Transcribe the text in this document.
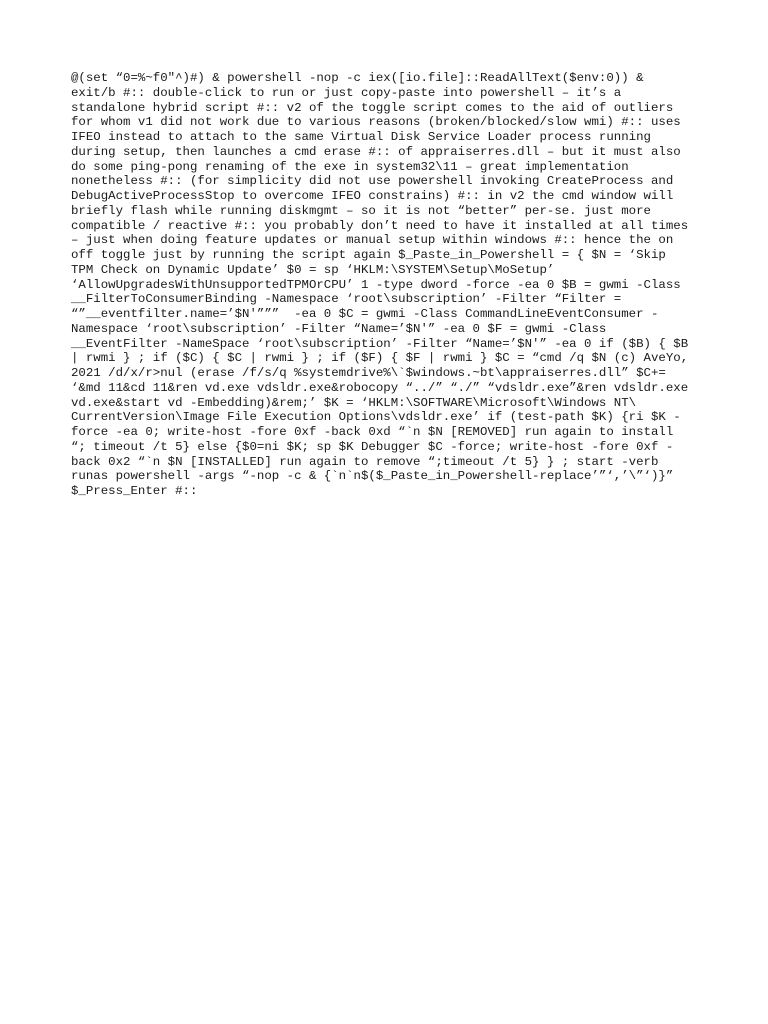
@(set “0=%~f0"^)#) & powershell -nop -c iex([io.file]::ReadAllText($env:0)) &
exit/b #:: double-click to run or just copy-paste into powershell – it’s a
standalone hybrid script #:: v2 of the toggle script comes to the aid of outliers
for whom v1 did not work due to various reasons (broken/blocked/slow wmi) #:: uses
IFEO instead to attach to the same Virtual Disk Service Loader process running
during setup, then launches a cmd erase #:: of appraiserres.dll – but it must also
do some ping-pong renaming of the exe in system32\11 – great implementation
nonetheless #:: (for simplicity did not use powershell invoking CreateProcess and
DebugActiveProcessStop to overcome IFEO constrains) #:: in v2 the cmd window will
briefly flash while running diskmgmt – so it is not “better” per-se. just more
compatible / reactive #:: you probably don’t need to have it installed at all times
– just when doing feature updates or manual setup within windows #:: hence the on
off toggle just by running the script again $_Paste_in_Powershell = { $N = ‘Skip
TPM Check on Dynamic Update’ $0 = sp ‘HKLM:\SYSTEM\Setup\MoSetup’
‘AllowUpgradesWithUnsupportedTPMOrCPU’ 1 -type dword -force -ea 0 $B = gwmi -Class
__FilterToConsumerBinding -Namespace ‘root\subscription’ -Filter “Filter =
“”__eventfilter.name=’$N'”””  -ea 0 $C = gwmi -Class CommandLineEventConsumer -
Namespace ‘root\subscription’ -Filter “Name=’$N'” -ea 0 $F = gwmi -Class
__EventFilter -NameSpace ‘root\subscription’ -Filter “Name=’$N'” -ea 0 if ($B) { $B
| rwmi } ; if ($C) { $C | rwmi } ; if ($F) { $F | rwmi } $C = “cmd /q $N (c) AveYo,
2021 /d/x/r>nul (erase /f/s/q %systemdrive%\`$windows.~bt\appraiserres.dll” $C+=
‘&md 11&cd 11&ren vd.exe vdsldr.exe&robocopy “../” “./” “vdsldr.exe”&ren vdsldr.exe
vd.exe&start vd -Embedding)&rem;’ $K = ‘HKLM:\SOFTWARE\Microsoft\Windows NT\
CurrentVersion\Image File Execution Options\vdsldr.exe’ if (test-path $K) {ri $K -
force -ea 0; write-host -fore 0xf -back 0xd “`n $N [REMOVED] run again to install
“; timeout /t 5} else {$0=ni $K; sp $K Debugger $C -force; write-host -fore 0xf -
back 0x2 “`n $N [INSTALLED] run again to remove “;timeout /t 5} } ; start -verb
runas powershell -args “-nop -c & {`n`n$($_Paste_in_Powershell-replace’”‘,’\”‘)}”
$_Press_Enter #::
